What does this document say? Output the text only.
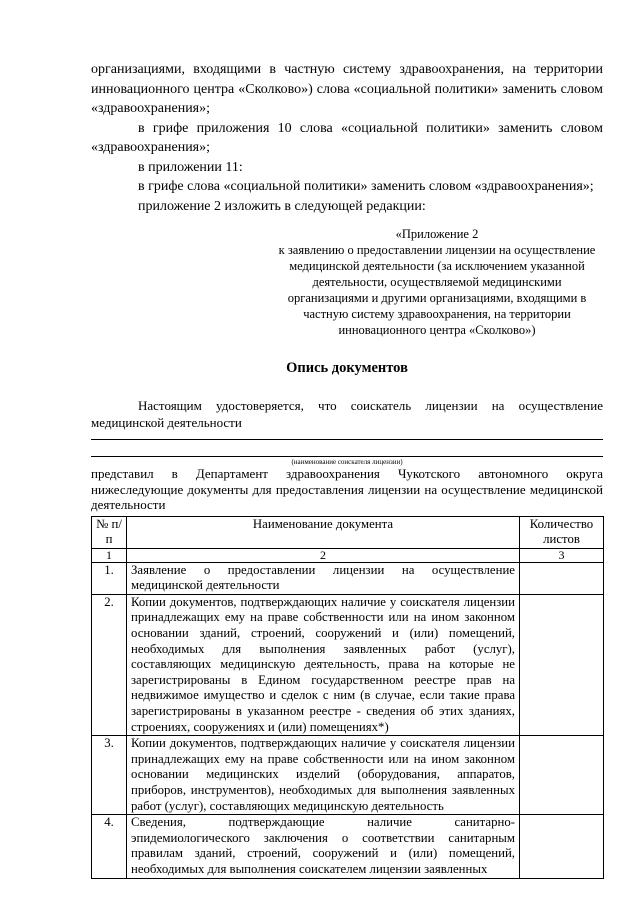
организациями, входящими в частную систему здравоохранения, на территории инновационного центра «Сколково») слова «социальной политики» заменить словом «здравоохранения»;

в грифе приложения 10 слова «социальной политики» заменить словом «здравоохранения»;

в приложении 11:

в грифе слова «социальной политики» заменить словом «здравоохранения»;

приложение 2 изложить в следующей редакции:

«Приложение 2
к заявлению о предоставлении лицензии на осуществление
медицинской деятельности (за исключением указанной
деятельности, осуществляемой медицинскими
организациями и другими организациями, входящими в
частную систему здравоохранения, на территории
инновационного центра «Сколково»)
Опись документов

Настоящим удостоверяется, что соискатель лицензии на осуществление медицинской деятельности

(наименование соискателя лицензии)

представил в Департамент здравоохранения Чукотского автономного округа нижеследующие документы для предоставления лицензии на осуществление медицинской деятельности

№ п/п	Наименование документа	Количество листов
1	2	3
1.	Заявление о предоставлении лицензии на осуществление медицинской деятельности	
2.	Копии документов, подтверждающих наличие у соискателя лицензии принадлежащих ему на праве собственности или на ином законном основании зданий, строений, сооружений и (или) помещений, необходимых для выполнения заявленных работ (услуг), составляющих медицинскую деятельность, права на которые не зарегистрированы в Едином государственном реестре прав на недвижимое имущество и сделок с ним (в случае, если такие права зарегистрированы в указанном реестре - сведения об этих зданиях, строениях, сооружениях и (или) помещениях*)	
3.	Копии документов, подтверждающих наличие у соискателя лицензии принадлежащих ему на праве собственности или на ином законном основании медицинских изделий (оборудования, аппаратов, приборов, инструментов), необходимых для выполнения заявленных работ (услуг), составляющих медицинскую деятельность	
4.	Сведения, подтверждающие наличие санитарно-эпидемиологического заключения о соответствии санитарным правилам зданий, строений, сооружений и (или) помещений, необходимых для выполнения соискателем лицензии заявленных	
